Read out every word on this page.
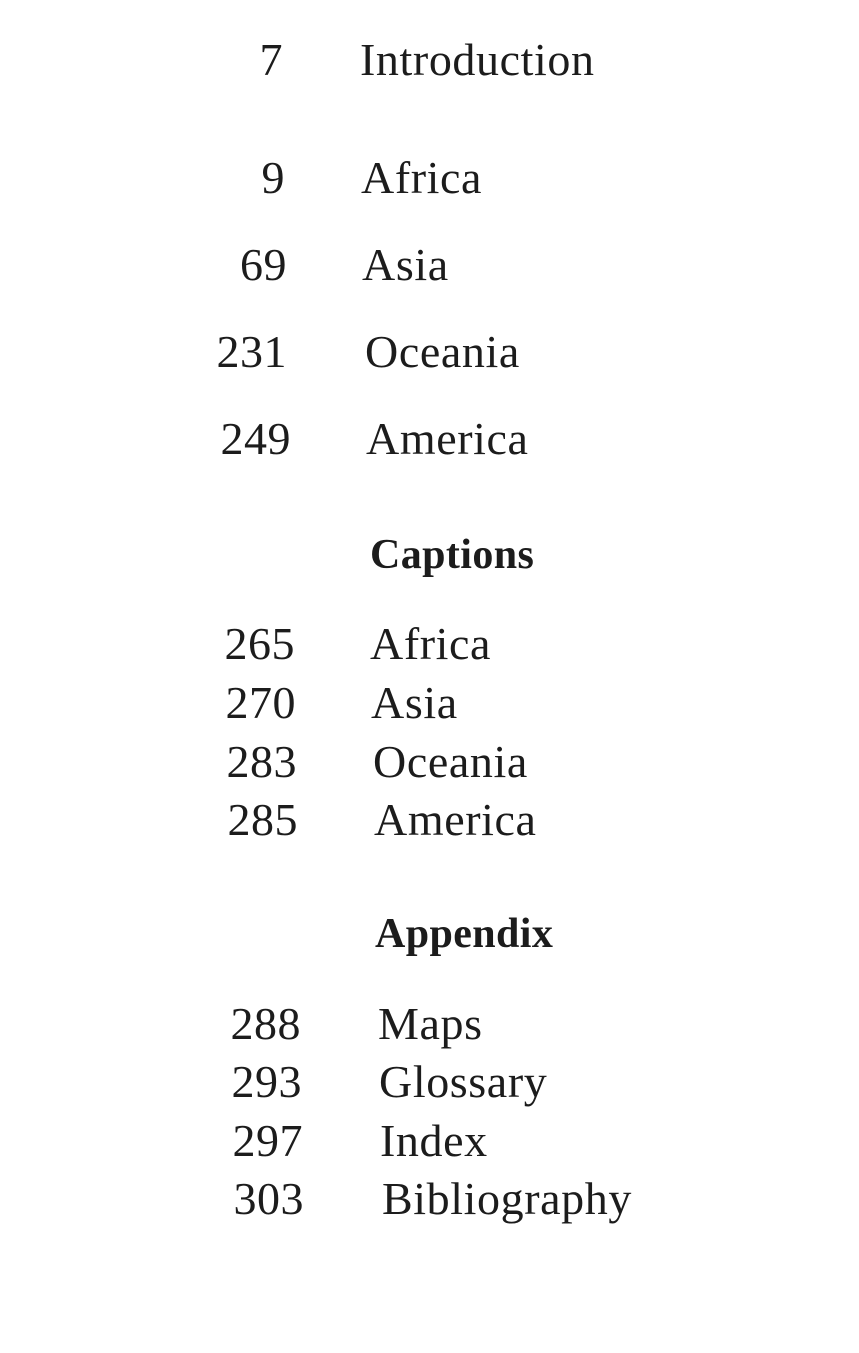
7 Introduction
9 Africa
69 Asia
231 Oceania
249 America
Captions
265 Africa
270 Asia
283 Oceania
285 America
Appendix
288 Maps
293 Glossary
297 Index
303 Bibliography
